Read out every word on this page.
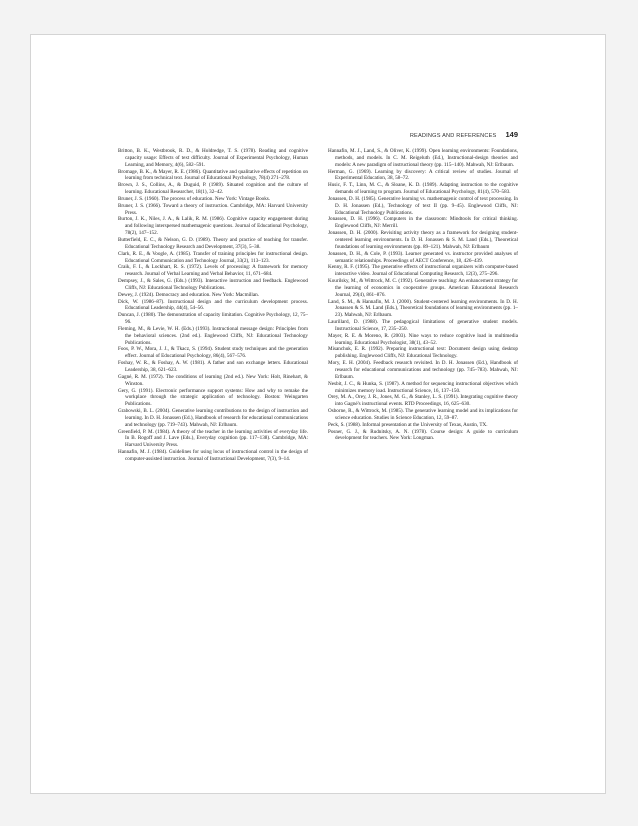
READINGS AND REFERENCES 149

Britton, B. K., Westbrook, R. D., & Holdredge, T. S. (1978). Reading and cognitive capacity usage: Effects of text difficulty. Journal of Experimental Psychology, Human Learning, and Memory, 4(6), 582–591.

Bromage, B. K., & Mayer, R. E. (1986). Quantitative and qualitative effects of repetition on learning from technical text. Journal of Educational Psychology, 78(4) 271–278.

Brown, J. S., Collins, A., & Duguid, P. (1989). Situated cognition and the culture of learning. Educational Researcher, 18(1), 32–42.

Bruner, J. S. (1960). The process of education. New York: Vintage Books.

Bruner, J. S. (1966). Toward a theory of instruction. Cambridge, MA: Harvard University Press.

Burton, J. K., Niles, J. A., & Lalik, R. M. (1986). Cognitive capacity engagement during and following interspersed mathemagenic questions. Journal of Educational Psychology, 78(2), 147–152.

Butterfield, E. C., & Nelson, G. D. (1989). Theory and practice of teaching for transfer. Educational Technology Research and Development, 37(3), 5–38.

Clark, R. E., & Voogle, A. (1985). Transfer of training principles for instructional design. Educational Communication and Technology Journal, 33(2), 113–123.

Craik, F. I., & Lockhart, R. S. (1972). Levels of processing: A framework for memory research. Journal of Verbal Learning and Verbal Behavior, 11, 671–684.

Dempsey, J., & Sales, G. (Eds.) (1993). Interactive instruction and feedback. Englewood Cliffs, NJ: Educational Technology Publications.

Dewey, J. (1924). Democracy and education. New York: Macmillan.

Dick, W. (1986–87). Instructional design and the curriculum development process. Educational Leadership, 44(4), 54–56.

Duncan, J. (1980). The demonstration of capacity limitation. Cognitive Psychology, 12, 75–96.

Fleming, M., & Levie, W. H. (Eds.) (1993). Instructional message design: Principles from the behavioral sciences. (2nd ed.). Englewood Cliffs, NJ: Educational Technology Publications.

Foos, P. W., Mora, J. J., & Tkacz, S. (1994). Student study techniques and the generation effect. Journal of Educational Psychology, 86(4), 567–576.

Foshay, W. R., & Foshay, A. W. (1981). A father and son exchange letters. Educational Leadership, 38, 621–623.

Gagné, R. M. (1972). The conditions of learning (2nd ed.). New York: Holt, Rinehart, & Winston.

Gery, G. (1991). Electronic performance support systems: How and why to remake the workplace through the strategic application of technology. Boston: Weingarten Publications.

Grabowski, B. L. (2004). Generative learning contributions to the design of instruction and learning. In D. H. Jonassen (Ed.), Handbook of research for educational communications and technology (pp. 719–743). Mahwah, NJ: Erlbaum.

Greenfield, P. M. (1984). A theory of the teacher in the learning activities of everyday life. In B. Rogoff and J. Lave (Eds.), Everyday cognition (pp. 117–138). Cambridge, MA: Harvard University Press.

Hannafin, M. J. (1984). Guidelines for using locus of instructional control in the design of computer-assisted instruction. Journal of Instructional Development, 7(3), 9–14.

Hannafin, M. J., Land, S., & Oliver, K. (1999). Open learning environments: Foundations, methods, and models. In C. M. Reigeluth (Ed.), Instructional-design theories and models: A new paradigm of instructional theory (pp. 115–140). Mahwah, NJ: Erlbaum.

Herman, G. (1969). Learning by discovery: A critical review of studies. Journal of Experimental Education, 38, 58–72.

Husic, F. T., Linn, M. C., & Sloane, K. D. (1989). Adapting instruction to the cognitive demands of learning to program. Journal of Educational Psychology, 81(4), 570–583.

Jonassen, D. H. (1985). Generative learning vs. mathemagenic control of text processing. In D. H. Jonassen (Ed.), Technology of text II (pp. 9–45). Englewood Cliffs, NJ: Educational Technology Publications.

Jonassen, D. H. (1996). Computers in the classroom: Mindtools for critical thinking. Englewood Cliffs, NJ: Merrill.

Jonassen, D. H. (2000). Revisiting activity theory as a framework for designing student-centered learning environments. In D. H. Jonassen & S. M. Land (Eds.), Theoretical foundations of learning environments (pp. 89–121). Mahwah, NJ: Erlbaum

Jonassen, D. H., & Cole, P. (1993). Learner generated vs. instructor provided analyses of semantic relationships. Proceedings of AECT Conference, 18, 426–439.

Kenny, R. F. (1995). The generative effects of instructional organizers with computer-based interactive video. Journal of Educational Computing Research, 12(3), 275–296.

Kourilsky, M., & Wittrock, M. C. (1992). Generative teaching: An enhancement strategy for the learning of economics in cooperative groups. American Educational Research Journal, 29(4), 861–876.

Land, S. M., & Hannafin, M. J. (2000). Student-centered learning environments. In D. H. Jonassen & S. M. Land (Eds.), Theoretical foundations of learning environments (pp. 1–23). Mahwah, NJ: Erlbaum.

Laurillard, D. (1988). The pedagogical limitations of generative student models. Instructional Science, 17, 235–250.

Mayer, R. E. & Moreno, R. (2003). Nine ways to reduce cognitive load in multimedia learning. Educational Psychologist, 38(1), 43–52.

Misanchuk, E. R. (1992). Preparing instructional text: Document design using desktop publishing. Englewood Cliffs, NJ: Educational Technology.

Mory, E. H. (2004). Feedback research revisited. In D. H. Jonassen (Ed.), Handbook of research for educational communications and technology (pp. 745–783). Mahwah, NJ: Erlbaum.

Nesbit, J. C., & Hunka, S. (1987). A method for sequencing instructional objectives which minimizes memory load. Instructional Science, 16, 137–150.

Orey, M. A., Orey, J. R., Jones, M. G., & Stanley, L. S. (1991). Integrating cognitive theory into Gagné's instructional events. RTD Proceedings, 16, 625–630.

Osborne, R., & Wittrock, M. (1985). The generative learning model and its implications for science education. Studies in Science Education, 12, 59–87.

Peck, S. (1988). Informal presentation at the University of Texas, Austin, TX.

Posner, G. J., & Rudnitsky, A. N. (1978). Course design: A guide to curriculum development for teachers. New York: Longman.
